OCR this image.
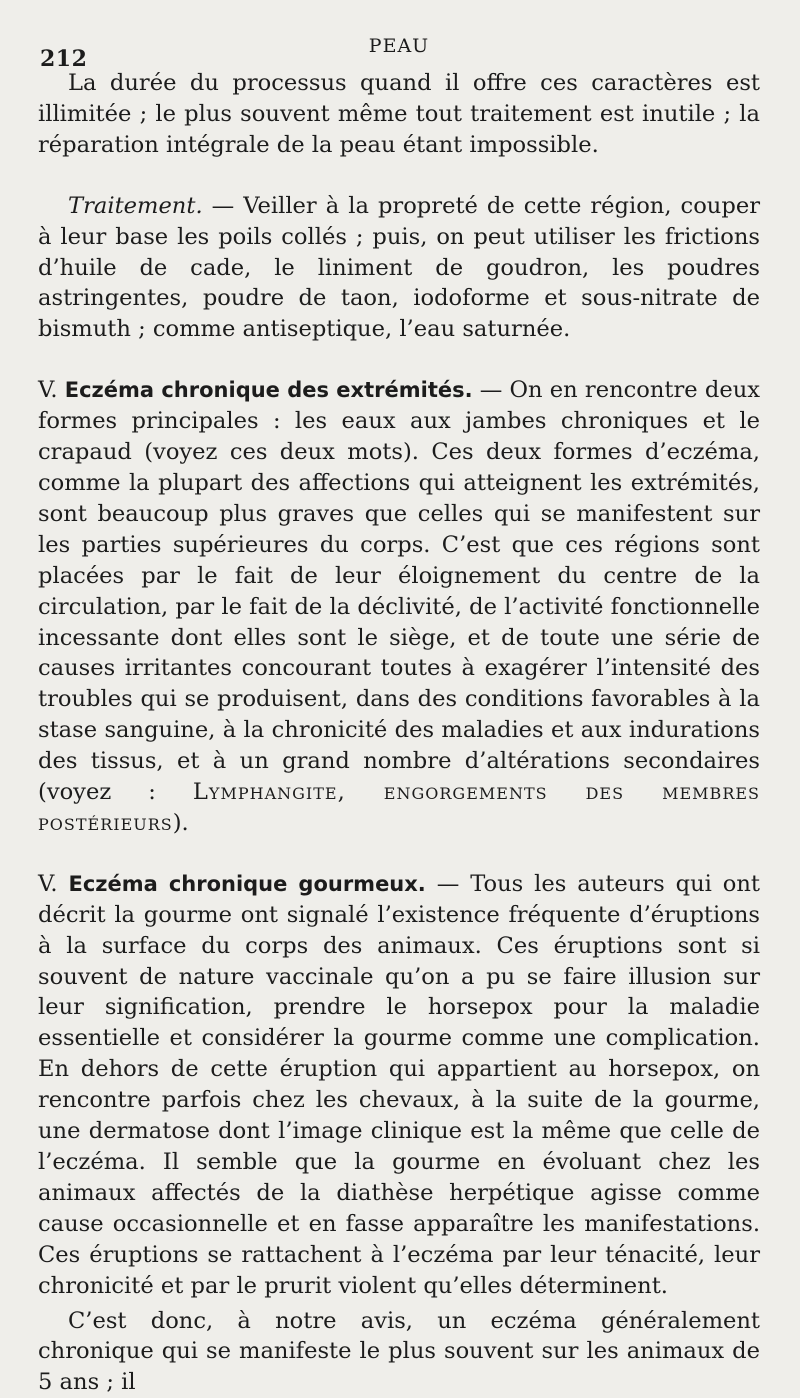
212	PEAU

La durée du processus quand il offre ces caractères est illimitée ; le plus souvent même tout traitement est inutile ; la réparation intégrale de la peau étant impossible.

Traitement. — Veiller à la propreté de cette région, couper à leur base les poils collés ; puis, on peut utiliser les frictions d’huile de cade, le liniment de goudron, les poudres astringentes, poudre de taon, iodoforme et sous-nitrate de bismuth ; comme antiseptique, l’eau saturnée.

V. Eczéma chronique des extrémités. — On en rencontre deux formes principales : les eaux aux jambes chroniques et le crapaud (voyez ces deux mots). Ces deux formes d’eczéma, comme la plupart des affections qui atteignent les extrémités, sont beaucoup plus graves que celles qui se manifestent sur les parties supérieures du corps. C’est que ces régions sont placées par le fait de leur éloignement du centre de la circulation, par le fait de la déclivité, de l’activité fonctionnelle incessante dont elles sont le siège, et de toute une série de causes irritantes concourant toutes à exagérer l’intensité des troubles qui se produisent, dans des conditions favorables à la stase sanguine, à la chronicité des maladies et aux indurations des tissus, et à un grand nombre d’altérations secondaires (voyez : Lymphangite, engorgements des membres postérieurs).

V. Eczéma chronique gourmeux. — Tous les auteurs qui ont décrit la gourme ont signalé l’existence fréquente d’éruptions à la surface du corps des animaux. Ces éruptions sont si souvent de nature vaccinale qu’on a pu se faire illusion sur leur signification, prendre le horsepox pour la maladie essentielle et considérer la gourme comme une complication. En dehors de cette éruption qui appartient au horsepox, on rencontre parfois chez les chevaux, à la suite de la gourme, une dermatose dont l’image clinique est la même que celle de l’eczéma. Il semble que la gourme en évoluant chez les animaux affectés de la diathèse herpétique agisse comme cause occasionnelle et en fasse apparaître les manifestations. Ces éruptions se rattachent à l’eczéma par leur ténacité, leur chronicité et par le prurit violent qu’elles déterminent.

C’est donc, à notre avis, un eczéma généralement chronique qui se manifeste le plus souvent sur les animaux de 5 ans ; il
